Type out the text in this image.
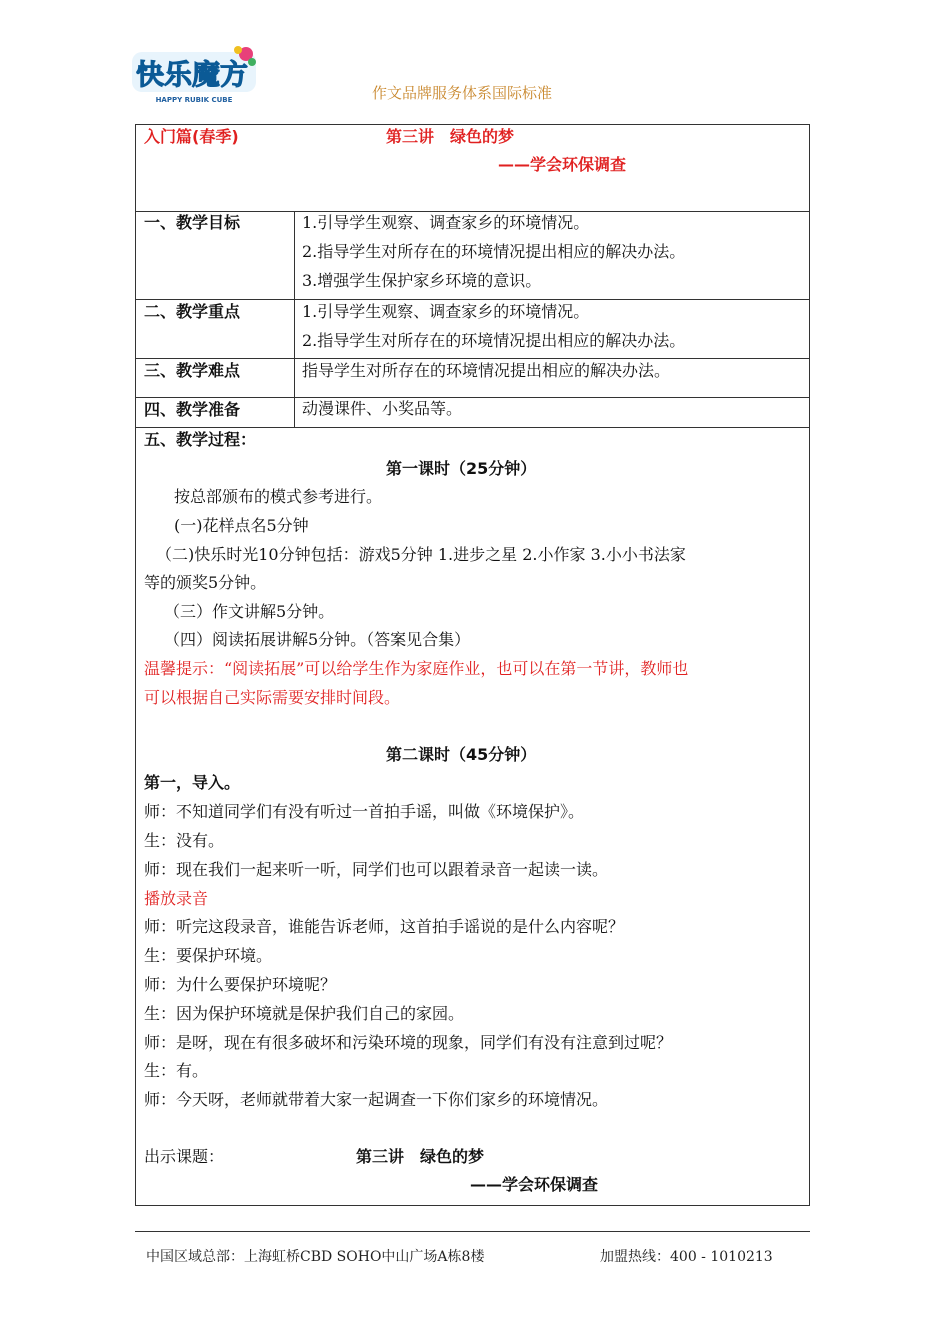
快乐魔方
HAPPY RUBIK CUBE	作文品牌服务体系国际标准
入门篇(春季)	第三讲　绿色的梦
——学会环保调查
一、教学目标	1.引导学生观察、调查家乡的环境情况。
2.指导学生对所存在的环境情况提出相应的解决办法。
3.增强学生保护家乡环境的意识。
二、教学重点	1.引导学生观察、调查家乡的环境情况。
2.指导学生对所存在的环境情况提出相应的解决办法。
三、教学难点	指导学生对所存在的环境情况提出相应的解决办法。
四、教学准备	动漫课件、小奖品等。
五、教学过程：
第一课时（25分钟）
按总部颁布的模式参考进行。
(一)花样点名5分钟
（二)快乐时光10分钟包括：游戏5分钟 1.进步之星 2.小作家 3.小小书法家
等的颁奖5分钟。
（三）作文讲解5分钟。
（四）阅读拓展讲解5分钟。（答案见合集）
温馨提示：“阅读拓展”可以给学生作为家庭作业，也可以在第一节讲，教师也
可以根据自己实际需要安排时间段。
第二课时（45分钟）
第一，导入。
师：不知道同学们有没有听过一首拍手谣，叫做《环境保护》。
生：没有。
师：现在我们一起来听一听，同学们也可以跟着录音一起读一读。
播放录音
师：听完这段录音，谁能告诉老师，这首拍手谣说的是什么内容呢？
生：要保护环境。
师：为什么要保护环境呢？
生：因为保护环境就是保护我们自己的家园。
师：是呀，现在有很多破坏和污染环境的现象，同学们有没有注意到过呢？
生：有。
师：今天呀，老师就带着大家一起调查一下你们家乡的环境情况。
出示课题：	第三讲　绿色的梦
——学会环保调查
中国区域总部：上海虹桥CBD SOHO中山广场A栋8楼	加盟热线：400 - 1010213
